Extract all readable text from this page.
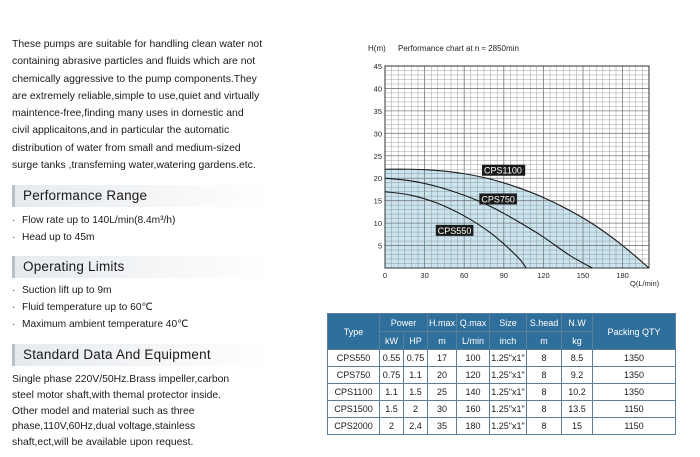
These pumps are suitable for handling clean water not
containing abrasive particles and fluids which are not
chemically aggressive to the pump components.They
are extremely reliable,simple to use,quiet and virtually
maintence-free,finding many uses in domestic and
civil applicaitons,and in particular the automatic
distribution of water from small and medium-sized
surge tanks ,transfeming water,watering gardens.etc.
Performance Range
· Flow rate up to 140L/min(8.4m³/h)
· Head up to 45m
Operating Limits
· Suction lift up to 9m
· Fluid temperature up to 60℃
· Maximum ambient temperature 40℃
Standard Data And Equipment
Single phase 220V/50Hz.Brass impeller,carbon
steel motor shaft,with themal protector inside.
Other model and material such as three
phase,110V,60Hz,dual voltage,stainless
shaft,ect,will be available upon request.
CPS1100
CPS750
CPS550
5
10
15
20
25
30
35
40
45
0	30	60	90	120	150	180
H(m) Performance chart at n ≈ 2850min
Q(L/min)
Type	Power		H.max	Q.max	Size	S.head	N.W	Packing QTY
	kW	HP	m	L/min	inch	m	kg	
CPS550	0.55	0.75	17	100	1.25"x1"	8	8.5	1350
CPS750	0.75	1.1	20	120	1.25"x1"	8	9.2	1350
CPS1100	1.1	1.5	25	140	1.25"x1"	8	10.2	1350
CPS1500	1.5	2	30	160	1.25"x1"	8	13.5	1150
CPS2000	2	2.4	35	180	1.25"x1"	8	15	1150
